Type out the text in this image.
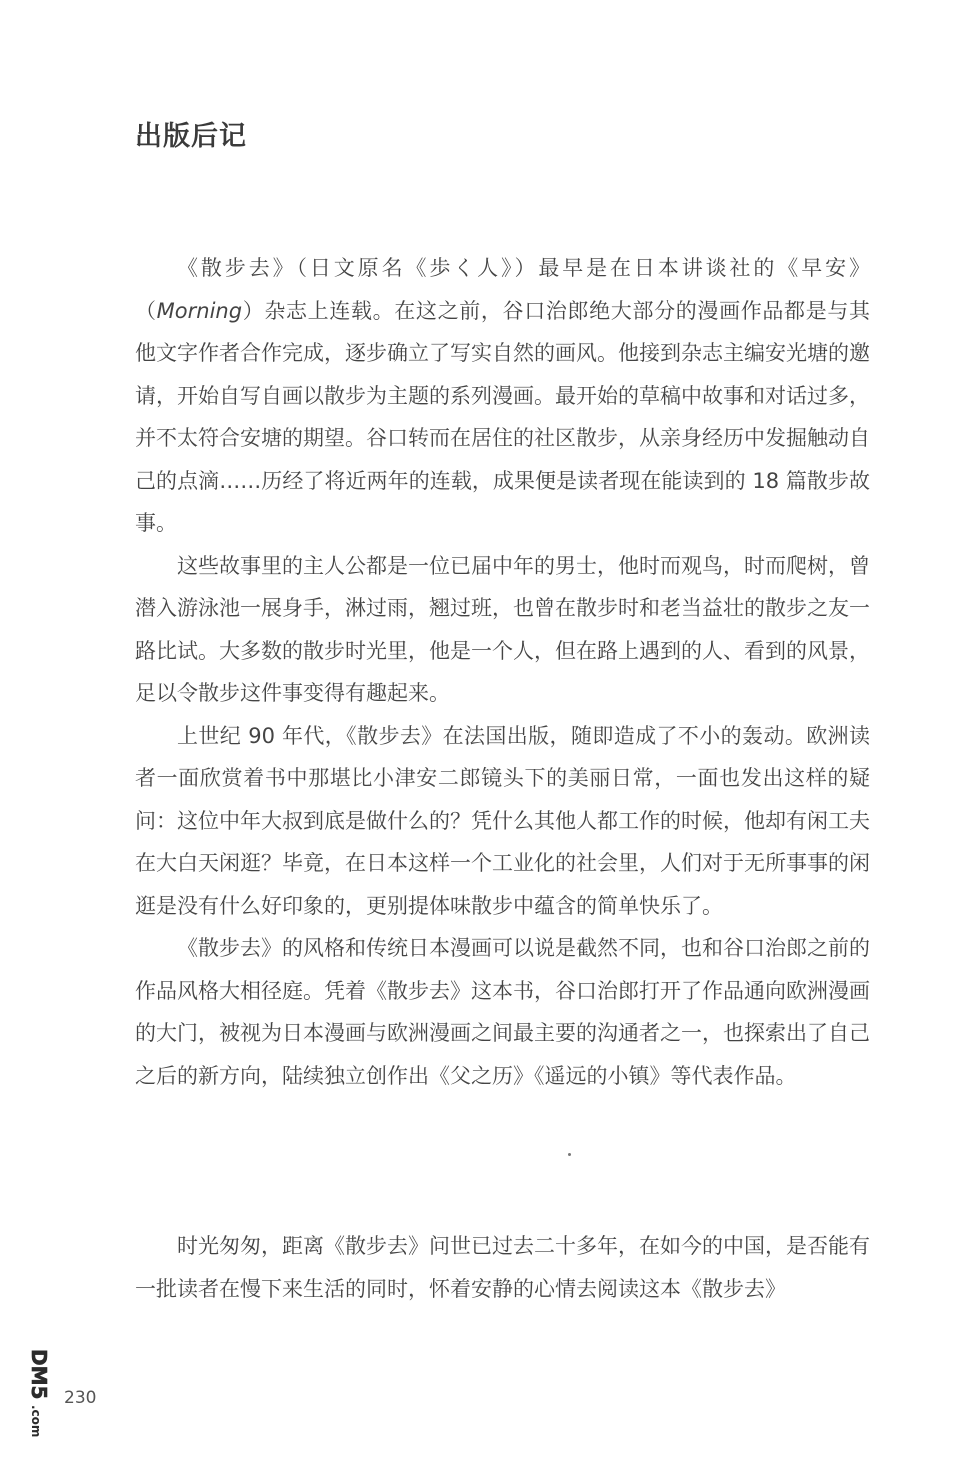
出版后记

《散步去》（日文原名《歩く人》）最早是在日本讲谈社的《早安》（Morning）杂志上连载。在这之前，谷口治郎绝大部分的漫画作品都是与其他文字作者合作完成，逐步确立了写实自然的画风。他接到杂志主编安光塘的邀请，开始自写自画以散步为主题的系列漫画。最开始的草稿中故事和对话过多，并不太符合安塘的期望。谷口转而在居住的社区散步，从亲身经历中发掘触动自己的点滴……历经了将近两年的连载，成果便是读者现在能读到的 18 篇散步故事。

这些故事里的主人公都是一位已届中年的男士，他时而观鸟，时而爬树，曾潜入游泳池一展身手，淋过雨，翘过班，也曾在散步时和老当益壮的散步之友一路比试。大多数的散步时光里，他是一个人，但在路上遇到的人、看到的风景，足以令散步这件事变得有趣起来。

上世纪 90 年代，《散步去》在法国出版，随即造成了不小的轰动。欧洲读者一面欣赏着书中那堪比小津安二郎镜头下的美丽日常，一面也发出这样的疑问：这位中年大叔到底是做什么的？凭什么其他人都工作的时候，他却有闲工夫在大白天闲逛？毕竟，在日本这样一个工业化的社会里，人们对于无所事事的闲逛是没有什么好印象的，更别提体味散步中蕴含的简单快乐了。

《散步去》的风格和传统日本漫画可以说是截然不同，也和谷口治郎之前的作品风格大相径庭。凭着《散步去》这本书，谷口治郎打开了作品通向欧洲漫画的大门，被视为日本漫画与欧洲漫画之间最主要的沟通者之一，也探索出了自己之后的新方向，陆续独立创作出《父之历》《遥远的小镇》等代表作品。

时光匆匆，距离《散步去》问世已过去二十多年，在如今的中国，是否能有一批读者在慢下来生活的同时，怀着安静的心情去阅读这本《散步去》

230
DM5
.com
